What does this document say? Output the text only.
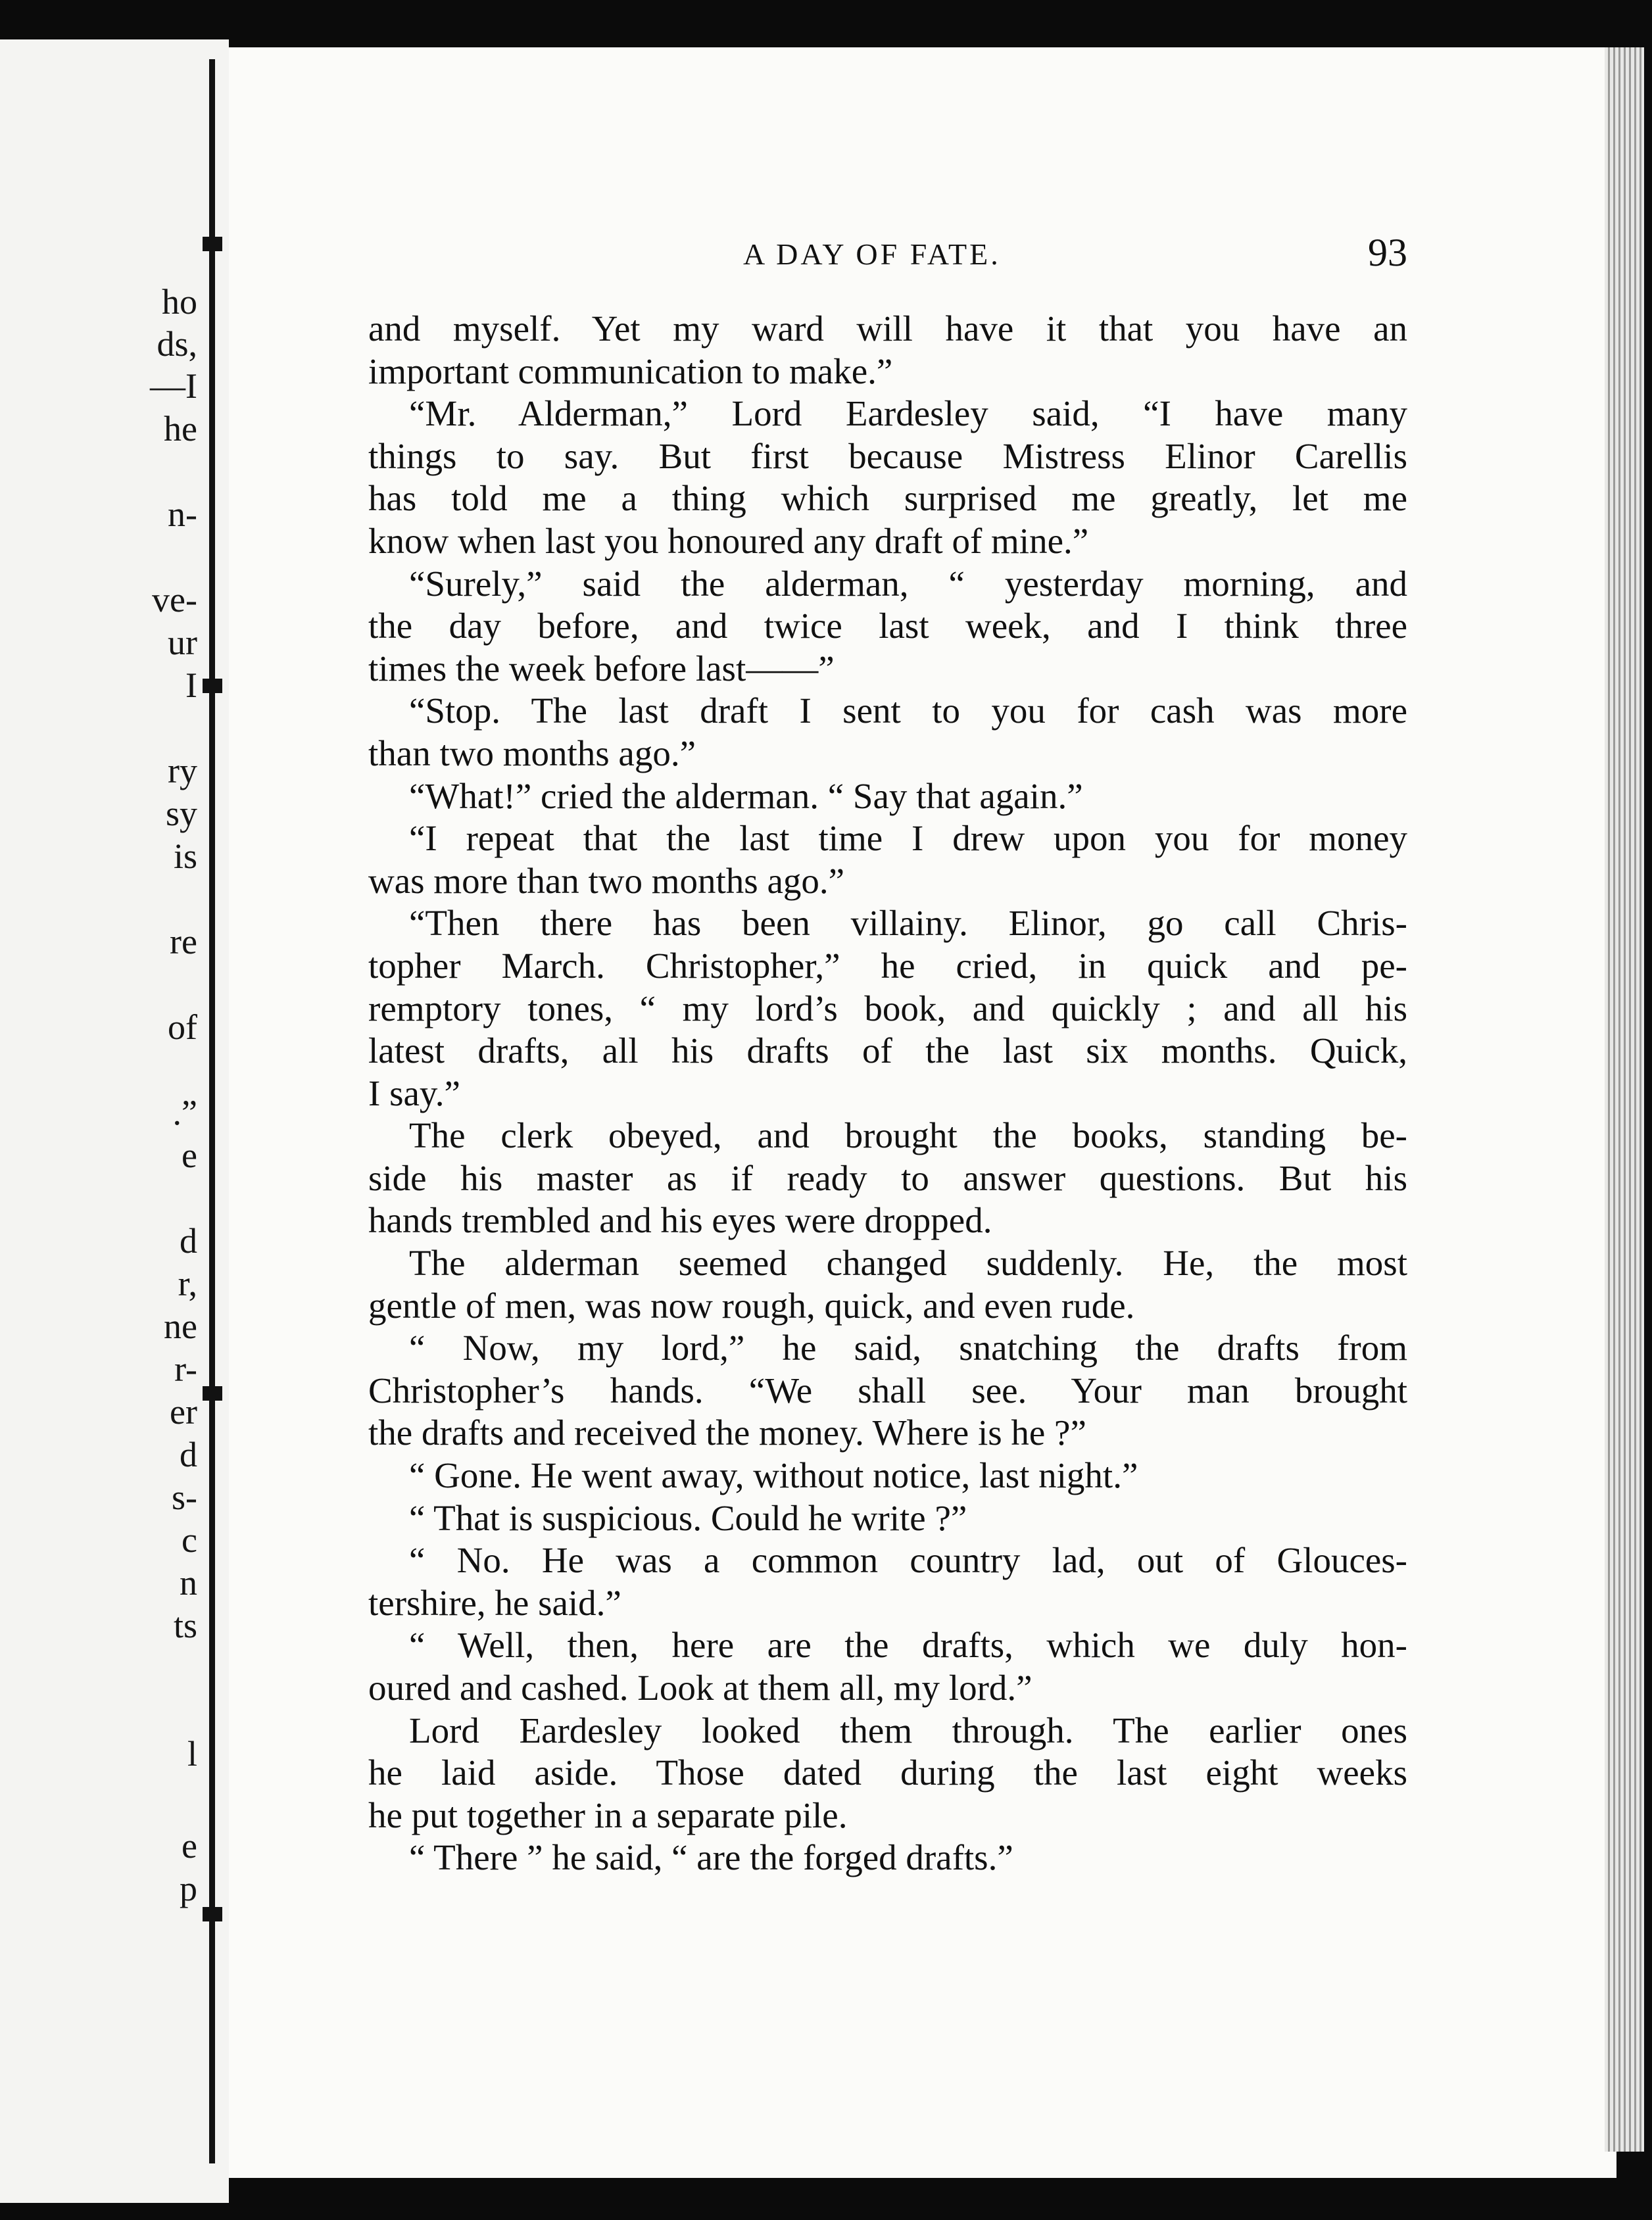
ho
ds,
—I
he
n-
ve-
ur
I
ry
sy
is
re
of
.”
e
d
r,
ne
r-
er
d
s-
c
n
ts
l
e
p
A DAY OF FATE.	93
and myself. Yet my ward will have it that you have an
important communication to make.”
“Mr. Alderman,” Lord Eardesley said, “I have many
things to say. But first because Mistress Elinor Carellis
has told me a thing which surprised me greatly, let me
know when last you honoured any draft of mine.”
“Surely,” said the alderman, “ yesterday morning, and
the day before, and twice last week, and I think three
times the week before last——”
“Stop. The last draft I sent to you for cash was more
than two months ago.”
“What!” cried the alderman. “ Say that again.”
“I repeat that the last time I drew upon you for money
was more than two months ago.”
“Then there has been villainy. Elinor, go call Chris-
topher March. Christopher,” he cried, in quick and pe-
remptory tones, “ my lord’s book, and quickly ; and all his
latest drafts, all his drafts of the last six months. Quick,
I say.”
The clerk obeyed, and brought the books, standing be-
side his master as if ready to answer questions. But his
hands trembled and his eyes were dropped.
The alderman seemed changed suddenly. He, the most
gentle of men, was now rough, quick, and even rude.
“ Now, my lord,” he said, snatching the drafts from
Christopher’s hands. “We shall see. Your man brought
the drafts and received the money. Where is he ?”
“ Gone. He went away, without notice, last night.”
“ That is suspicious. Could he write ?”
“ No. He was a common country lad, out of Glouces-
tershire, he said.”
“ Well, then, here are the drafts, which we duly hon-
oured and cashed. Look at them all, my lord.”
Lord Eardesley looked them through. The earlier ones
he laid aside. Those dated during the last eight weeks
he put together in a separate pile.
“ There ” he said, “ are the forged drafts.”
